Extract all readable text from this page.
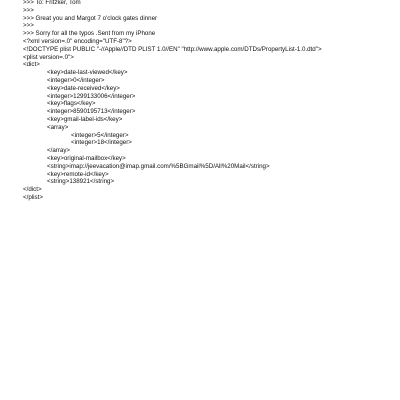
>>> To: Fritzker, Tom
>>>
>>> Great you and Margot 7 o'clock gates dinner
>>>
>>> Sorry for all the typos .Sent from my iPhone
<?xml version=.0" encoding="UTF-8"?>
<!DOCTYPE plist PUBLIC "-//Apple//DTD PLIST 1.0//EN" "http://www.apple.com/DTDs/PropertyList-1.0.dtd">
<plist version=.0">
<dict>
<key>date-last-viewed</key>
<integer>0</integer>
<key>date-received</key>
<integer>1299133006</integer>
<key>flags</key>
<integer>8590195713</integer>
<key>gmail-label-ids</key>
<array>
<integer>5</integer>
<integer>18</integer>
</array>
<key>original-mailbox</key>
<string>imap://jeevacation@imap.gmail.com/%5BGmail%5D/All%20Mail</string>
<key>remote-id</key>
<string>138921</string>
</dict>
</plist>
